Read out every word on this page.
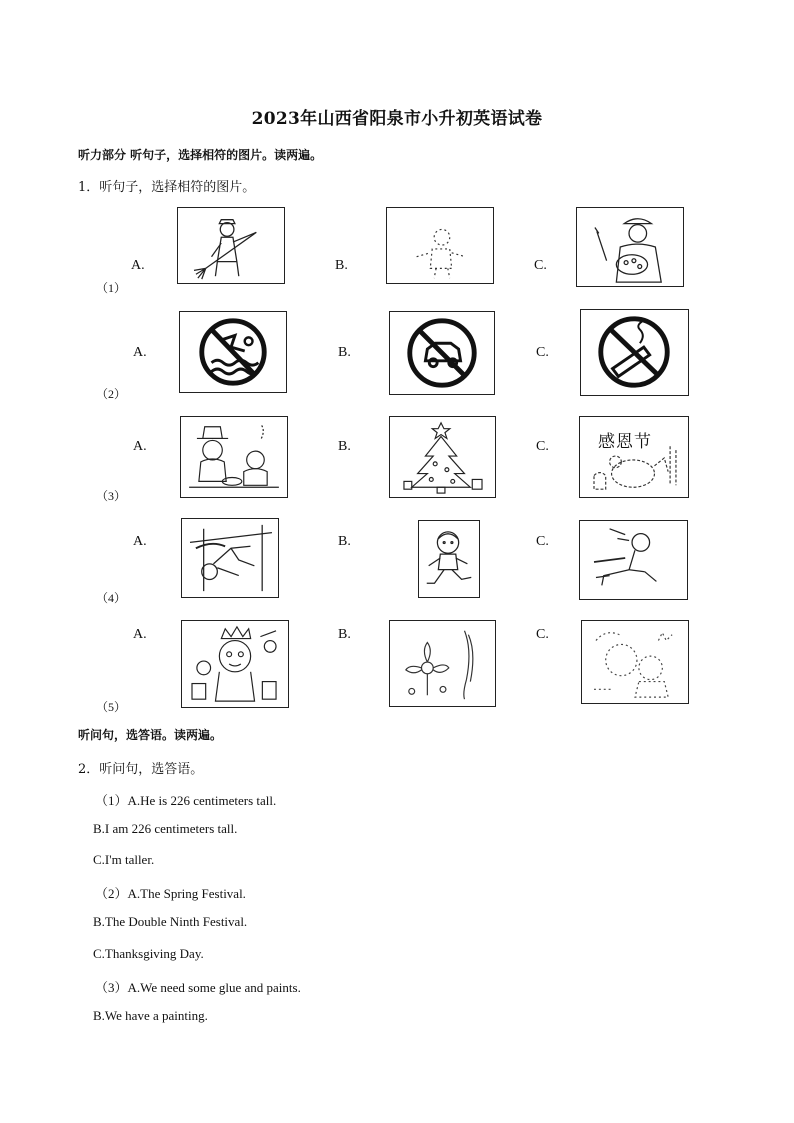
2023年山西省阳泉市小升初英语试卷
听力部分 听句子，选择相符的图片。读两遍。
1．听句子，选择相符的图片。
A.	B.	C.
（1）
A.	B.	C.
（2）
A.	B.	C.
（3）
感恩节
A.	B.	C.
（4）
A.	B.	C.
（5）
听问句，选答语。读两遍。
2．听问句，选答语。
（1）A.He is 226 centimeters tall.
B.I am 226 centimeters tall.
C.I'm taller.
（2）A.The Spring Festival.
B.The Double Ninth Festival.
C.Thanksgiving Day.
（3）A.We need some glue and paints.
B.We have a painting.
